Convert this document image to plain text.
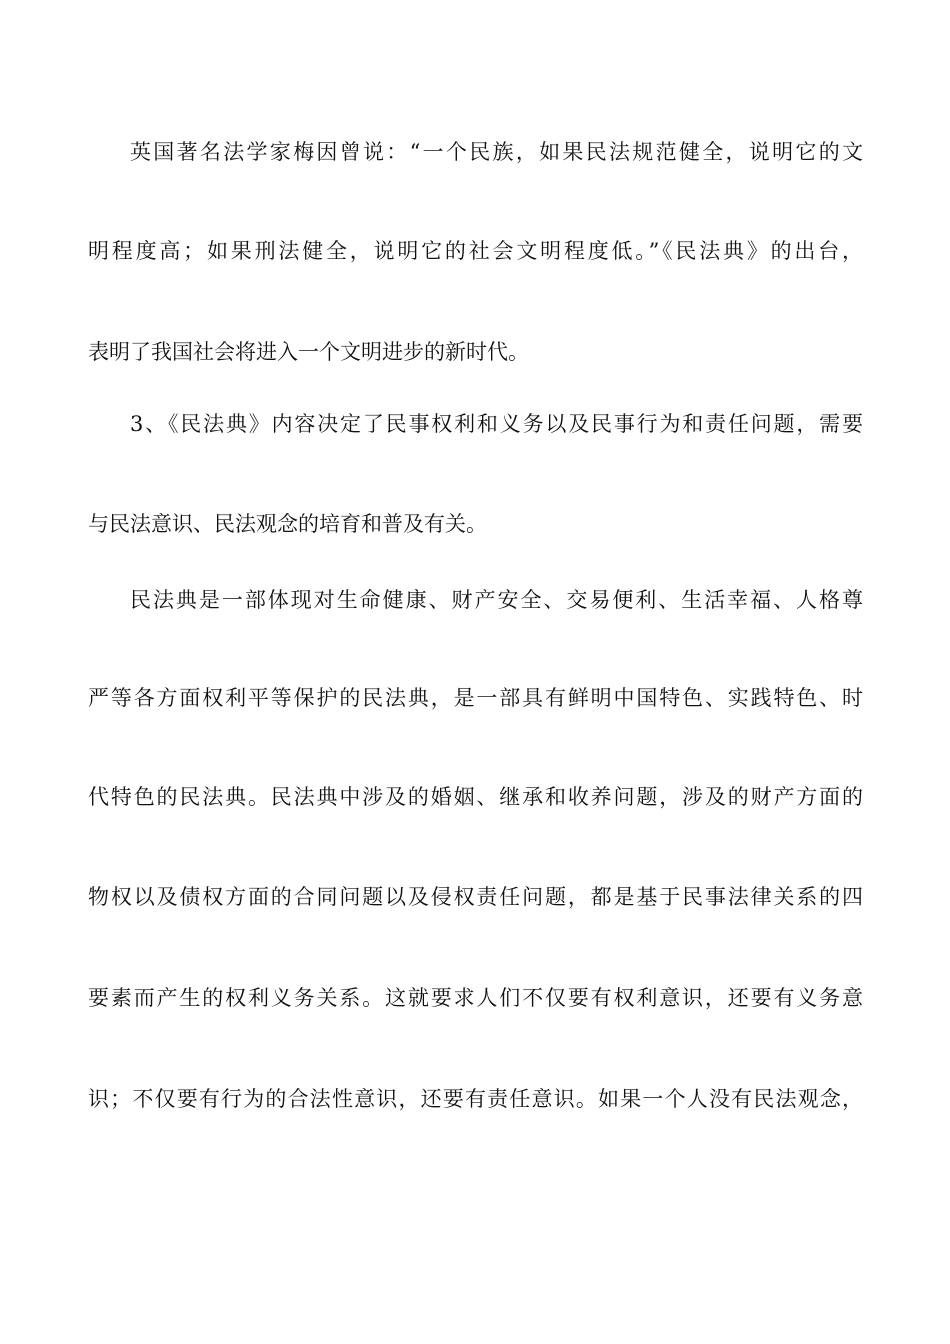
英国著名法学家梅因曾说：“一个民族，如果民法规范健全，说明它的文
明程度高；如果刑法健全，说明它的社会文明程度低。”《民法典》的出台，
表明了我国社会将进入一个文明进步的新时代。
3、《民法典》内容决定了民事权利和义务以及民事行为和责任问题，需要
与民法意识、民法观念的培育和普及有关。
民法典是一部体现对生命健康、财产安全、交易便利、生活幸福、人格尊
严等各方面权利平等保护的民法典，是一部具有鲜明中国特色、实践特色、时
代特色的民法典。民法典中涉及的婚姻、继承和收养问题，涉及的财产方面的
物权以及债权方面的合同问题以及侵权责任问题，都是基于民事法律关系的四
要素而产生的权利义务关系。这就要求人们不仅要有权利意识，还要有义务意
识；不仅要有行为的合法性意识，还要有责任意识。如果一个人没有民法观念，
